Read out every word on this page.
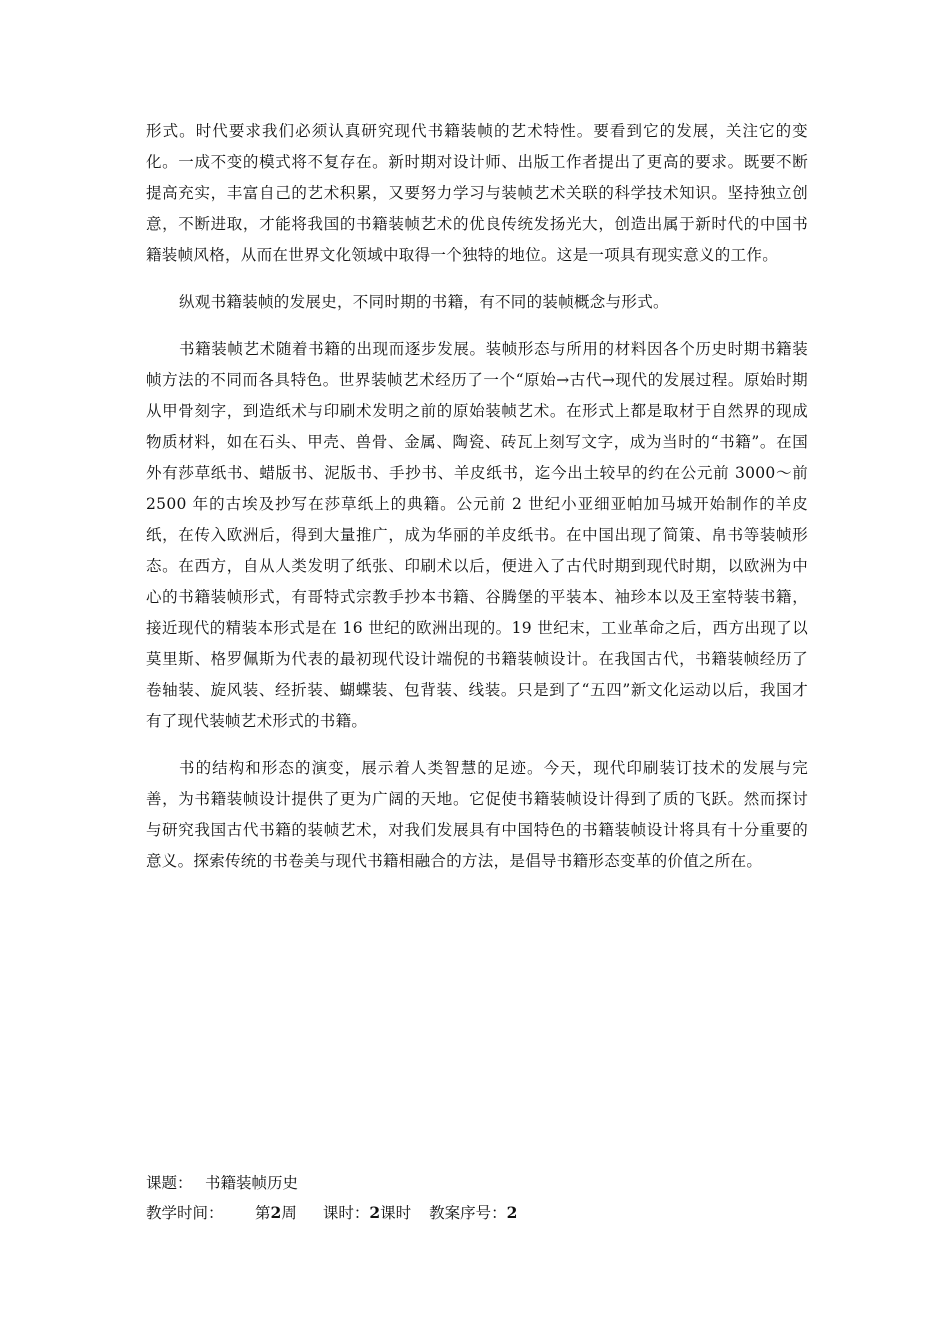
形式。时代要求我们必须认真研究现代书籍装帧的艺术特性。要看到它的发展，关注它的变化。一成不变的模式将不复存在。新时期对设计师、出版工作者提出了更高的要求。既要不断提高充实，丰富自己的艺术积累，又要努力学习与装帧艺术关联的科学技术知识。坚持独立创意，不断进取，才能将我国的书籍装帧艺术的优良传统发扬光大，创造出属于新时代的中国书籍装帧风格，从而在世界文化领域中取得一个独特的地位。这是一项具有现实意义的工作。

纵观书籍装帧的发展史，不同时期的书籍，有不同的装帧概念与形式。

书籍装帧艺术随着书籍的出现而逐步发展。装帧形态与所用的材料因各个历史时期书籍装帧方法的不同而各具特色。世界装帧艺术经历了一个“原始→古代→现代的发展过程。原始时期从甲骨刻字，到造纸术与印刷术发明之前的原始装帧艺术。在形式上都是取材于自然界的现成物质材料，如在石头、甲壳、兽骨、金属、陶瓷、砖瓦上刻写文字，成为当时的“书籍”。在国外有莎草纸书、蜡版书、泥版书、手抄书、羊皮纸书，迄今出土较早的约在公元前 3000～前 2500 年的古埃及抄写在莎草纸上的典籍。公元前 2 世纪小亚细亚帕加马城开始制作的羊皮纸，在传入欧洲后，得到大量推广，成为华丽的羊皮纸书。在中国出现了简策、帛书等装帧形态。在西方，自从人类发明了纸张、印刷术以后，便进入了古代时期到现代时期，以欧洲为中心的书籍装帧形式，有哥特式宗教手抄本书籍、谷腾堡的平装本、袖珍本以及王室特装书籍，接近现代的精装本形式是在 16 世纪的欧洲出现的。19 世纪末，工业革命之后，西方出现了以莫里斯、格罗佩斯为代表的最初现代设计端倪的书籍装帧设计。在我国古代，书籍装帧经历了卷轴装、旋风装、经折装、蝴蝶装、包背装、线装。只是到了“五四”新文化运动以后，我国才有了现代装帧艺术形式的书籍。

书的结构和形态的演变，展示着人类智慧的足迹。今天，现代印刷装订技术的发展与完善，为书籍装帧设计提供了更为广阔的天地。它促使书籍装帧设计得到了质的飞跃。然而探讨与研究我国古代书籍的装帧艺术，对我们发展具有中国特色的书籍装帧设计将具有十分重要的意义。探索传统的书卷美与现代书籍相融合的方法，是倡导书籍形态变革的价值之所在。

课题： 书籍装帧历史
教学时间：	第 2 周 课时： 2 课时 教案序号： 2
